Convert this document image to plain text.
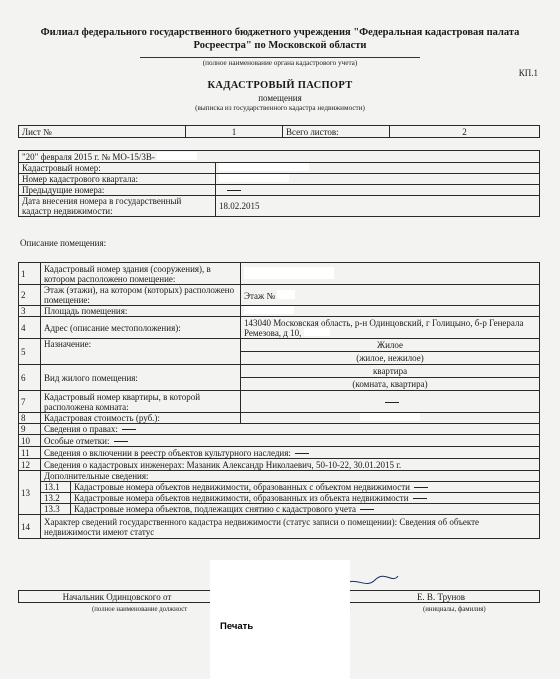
Филиал федерального государственного бюджетного учреждения "Федеральная кадастровая палата
Росреестра" по Московской области
(полное наименование органа кадастрового учета)
КП.1
КАДАСТРОВЫЙ ПАСПОРТ
помещения
(выписка из государственного кадастра недвижимости)
Лист №	1	Всего листов:	2
"20" февраля 2015 г. № МО-15/3В-	
Кадастровый номер:	
Номер кадастрового квартала:	
Предыдущие номера:	
Дата внесения номера в государственный кадастр недвижимости:	18.02.2015
Описание помещения:
1	Кадастровый номер здания (сооружения), в котором расположено помещение:		
2	Этаж (этажи), на котором (которых) расположено помещение:		Этаж №
3	Площадь помещения:		
4	Адрес (описание местоположения):		143040 Московская область, р-н Одинцовский, г Голицыно, б-р Генерала Ремезова, д 10,
5	Назначение:		Жилое
(жилое, нежилое)

6	Вид жилого помещения:		квартира
(комната, квартира)

7	Кадастровый номер квартиры, в которой расположена комната:		
8	Кадастровая стоимость (руб.):		
9	Сведения о правах:		
10	Особые отметки:		
11	Сведения о включении в реестр объектов культурного наследия:		
12	Сведения о кадастровых инженерах: Мазаник Александр Николаевич, 50-10-22, 30.01.2015 г.		
13	Дополнительные сведения:		
	13.1	Кадастровые номера объектов недвижимости, образованных с объектом недвижимости	
	13.2	Кадастровые номера объектов недвижимости, образованных из объекта недвижимости	
	13.3	Кадастровые номера объектов, подлежащих снятию с кадастрового учета	
14	Характер сведений государственного кадастра недвижимости (статус записи о помещении): Сведения об объекте недвижимости имеют статус		
Начальник Одинцовского от		Е. В. Трунов
(полное наименование должност	(инициалы, фамилия)
Печать
